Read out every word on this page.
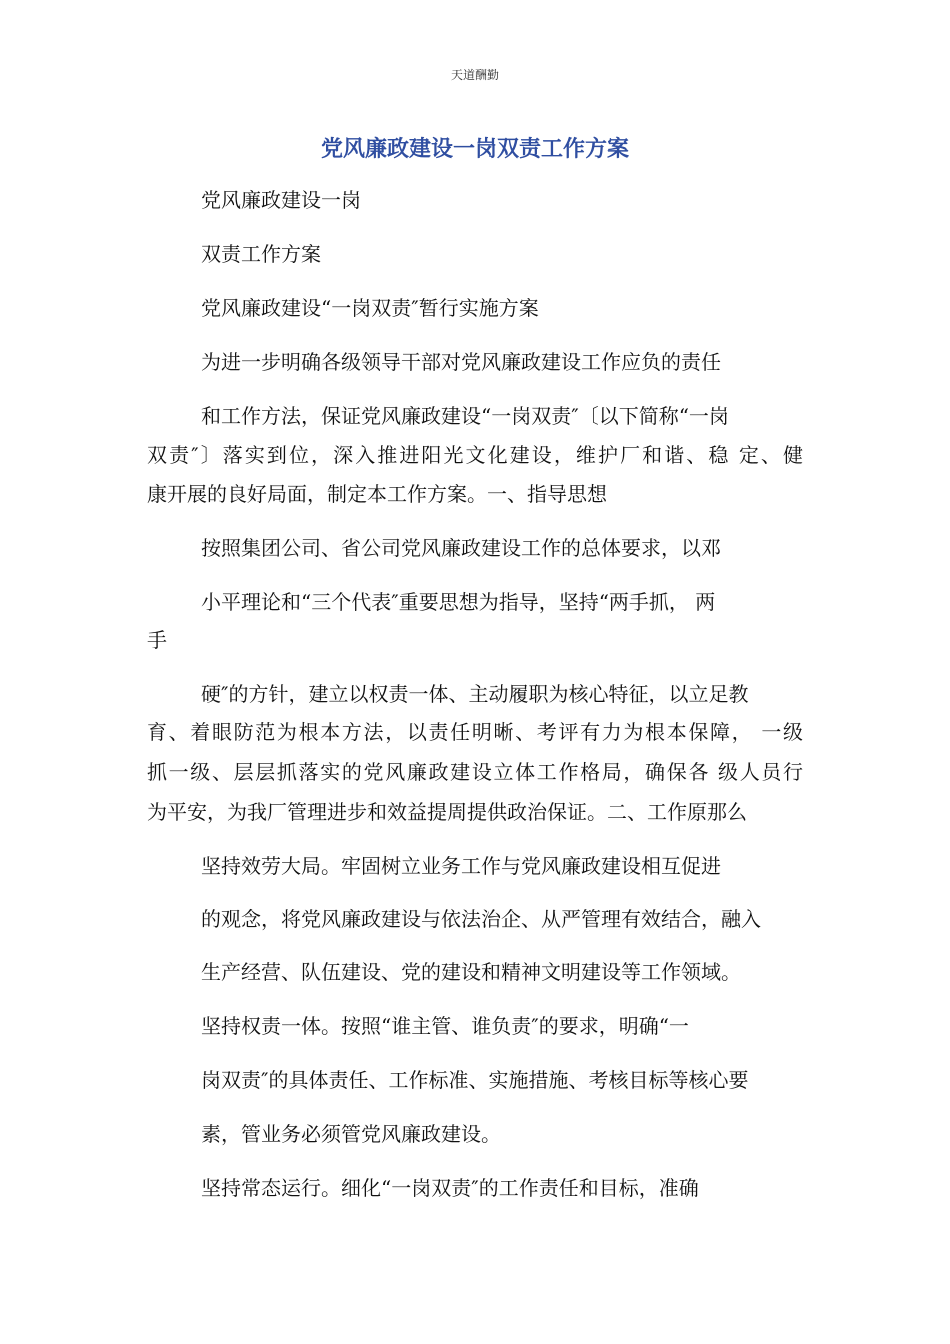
天道酬勤
党风廉政建设一岗双责工作方案
党风廉政建设一岗
双责工作方案
党风廉政建设“一岗双责″暂行实施方案
为进一步明确各级领导干部对党风廉政建设工作应负的责任
和工作方法，保证党风廉政建设“一岗双责″〔以下简称“一岗
双责″〕落实到位，深入推进阳光文化建设，维护厂和谐、稳 定、健
康开展的良好局面，制定本工作方案。一、指导思想
按照集团公司、省公司党风廉政建设工作的总体要求，以邓
小平理论和“三个代表″重要思想为指导，坚持“两手抓， 两
手
硬″的方针，建立以权责一体、主动履职为核心特征，以立足教
育、着眼防范为根本方法，以责任明晰、考评有力为根本保障， 一级
抓一级、层层抓落实的党风廉政建设立体工作格局，确保各 级人员行
为平安，为我厂管理进步和效益提周提供政治保证。二、工作原那么
坚持效劳大局。牢固树立业务工作与党风廉政建设相互促进
的观念，将党风廉政建设与依法治企、从严管理有效结合，融入
生产经营、队伍建设、党的建设和精神文明建设等工作领域。
坚持权责一体。按照“谁主管、谁负责″的要求，明确“一
岗双责″的具体责任、工作标准、实施措施、考核目标等核心要
素，管业务必须管党风廉政建设。
坚持常态运行。细化“一岗双责″的工作责任和目标，准确
